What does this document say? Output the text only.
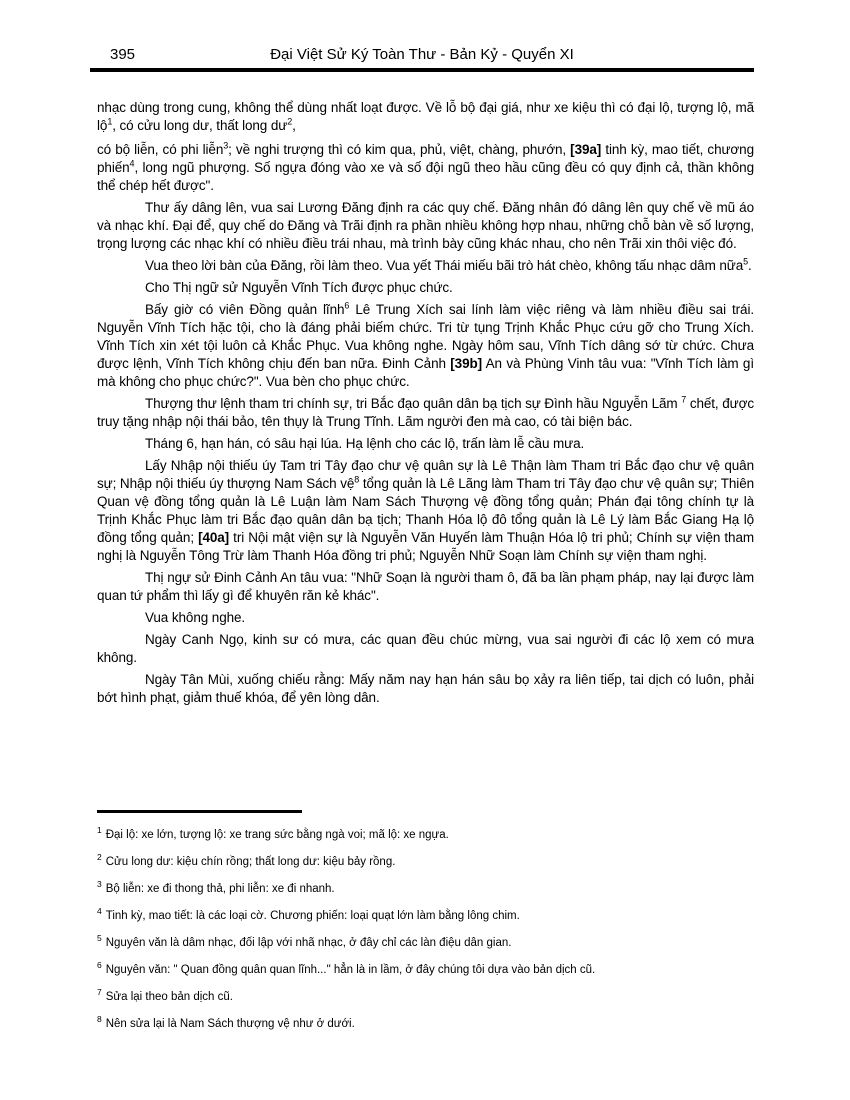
395	Đại Việt Sử Ký Toàn Thư - Bản Kỷ - Quyển XI

nhạc dùng trong cung, không thể dùng nhất loạt được. Về lỗ bộ đại giá, như xe kiệu thì có đại lộ, tượng lộ, mã lộ$^1$, có cửu long dư, thất long $dư^2$,

có bộ liễn, có phi liễn$^3$; về nghi trượng thì có kim qua, phủ, việt, chàng, phướn, [39a] tinh kỳ, mao tiết, chương phiến$^4$, long ngũ phượng. Số ngựa đóng vào xe và số đội ngũ theo hầu cũng đều có quy định cả, thần không thể chép hết được".

Thư ấy dâng lên, vua sai Lương Đăng định ra các quy chế. Đăng nhân đó dâng lên quy chế về mũ áo và nhạc khí. Đại để, quy chế do Đăng và Trãi định ra phần nhiều không hợp nhau, những chỗ bàn về số lượng, trọng lượng các nhạc khí có nhiều điều trái nhau, mà trình bày cũng khác nhau, cho nên Trãi xin thôi việc đó.

Vua theo lời bàn của Đăng, rồi làm theo. Vua yết Thái miếu bãi trò hát chèo, không tấu nhạc dâm nữa$^5$.

Cho Thị ngữ sử Nguyễn Vĩnh Tích được phục chức.

Bấy giờ có viên Đồng quản lĩnh$^6$ Lê Trung Xích sai lính làm việc riêng và làm nhiều điều sai trái. Nguyễn Vĩnh Tích hặc tội, cho là đáng phải biếm chức. Tri từ tụng Trịnh Khắc Phục cứu gỡ cho Trung Xích. Vĩnh Tích xin xét tội luôn cả Khắc Phục. Vua không nghe. Ngày hôm sau, Vĩnh Tích dâng sớ từ chức. Chưa được lệnh, Vĩnh Tích không chịu đến ban nữa. Đinh Cảnh [39b] An và Phùng Vinh tâu vua: "Vĩnh Tích làm gì mà không cho phục chức?". Vua bèn cho phục chức.

Thượng thư lệnh tham tri chính sự, tri Bắc đạo quân dân bạ tịch sự Đình hầu Nguyễn Lãm $^7$ chết, được truy tặng nhập nội thái bảo, tên thụy là Trung Tĩnh. Lãm người đen mà cao, có tài biện bác.

Tháng 6, hạn hán, có sâu hại lúa. Hạ lệnh cho các lộ, trấn làm lễ cầu mưa.

Lấy Nhập nội thiếu úy Tam tri Tây đạo chư vệ quân sự là Lê Thận làm Tham tri Bắc đạo chư vệ quân sự; Nhập nội thiếu úy thượng Nam Sách vệ$^8$ tổng quản là Lê Lãng làm Tham tri Tây đạo chư vệ quân sự; Thiên Quan vệ đồng tổng quản là Lê Luận làm Nam Sách Thượng vệ đồng tổng quản; Phán đại tông chính tự là Trịnh Khắc Phục làm tri Bắc đạo quân dân bạ tịch; Thanh Hóa lộ đô tổng quản là Lê Lý làm Bắc Giang Hạ lộ đồng tổng quản; [40a] tri Nội mật viện sự là Nguyễn Văn Huyến làm Thuận Hóa lộ tri phủ; Chính sự viện tham nghị là Nguyễn Tông Trừ làm Thanh Hóa đồng tri phủ; Nguyễn Nhữ Soạn làm Chính sự viện tham nghị.

Thị ngự sử Đinh Cảnh An tâu vua: "Nhữ Soạn là người tham ô, đã ba lần phạm pháp, nay lại được làm quan tứ phẩm thì lấy gì để khuyên răn kẻ khác".

Vua không nghe.

Ngày Canh Ngọ, kinh sư có mưa, các quan đều chúc mừng, vua sai người đi các lộ xem có mưa không.

Ngày Tân Mùi, xuống chiếu rằng: Mấy năm nay hạn hán sâu bọ xảy ra liên tiếp, tai dịch có luôn, phải bớt hình phạt, giảm thuế khóa, để yên lòng dân.

$^1$ Đại lộ: xe lớn, tượng lộ: xe trang sức bằng ngà voi; mã lộ: xe ngựa.

$^2$ Cửu long dư: kiệu chín rồng; thất long dư: kiệu bảy rồng.

$^3$ Bộ liễn: xe đi thong thả, phi liễn: xe đi nhanh.

$^4$ Tinh kỳ, mao tiết: là các loại cờ. Chương phiến: loại quạt lớn làm bằng lông chim.

$^5$ Nguyên văn là dâm nhạc, đối lập với nhã nhạc, ở đây chỉ các làn điệu dân gian.

$^6$ Nguyên văn: " Quan đồng quân quan lĩnh..." hẳn là in lầm, ở đây chúng tôi dựa vào bản dịch cũ.

$^7$ Sửa lại theo bản dịch cũ.

$^8$ Nên sửa lại là Nam Sách thượng vệ như ở dưới.
